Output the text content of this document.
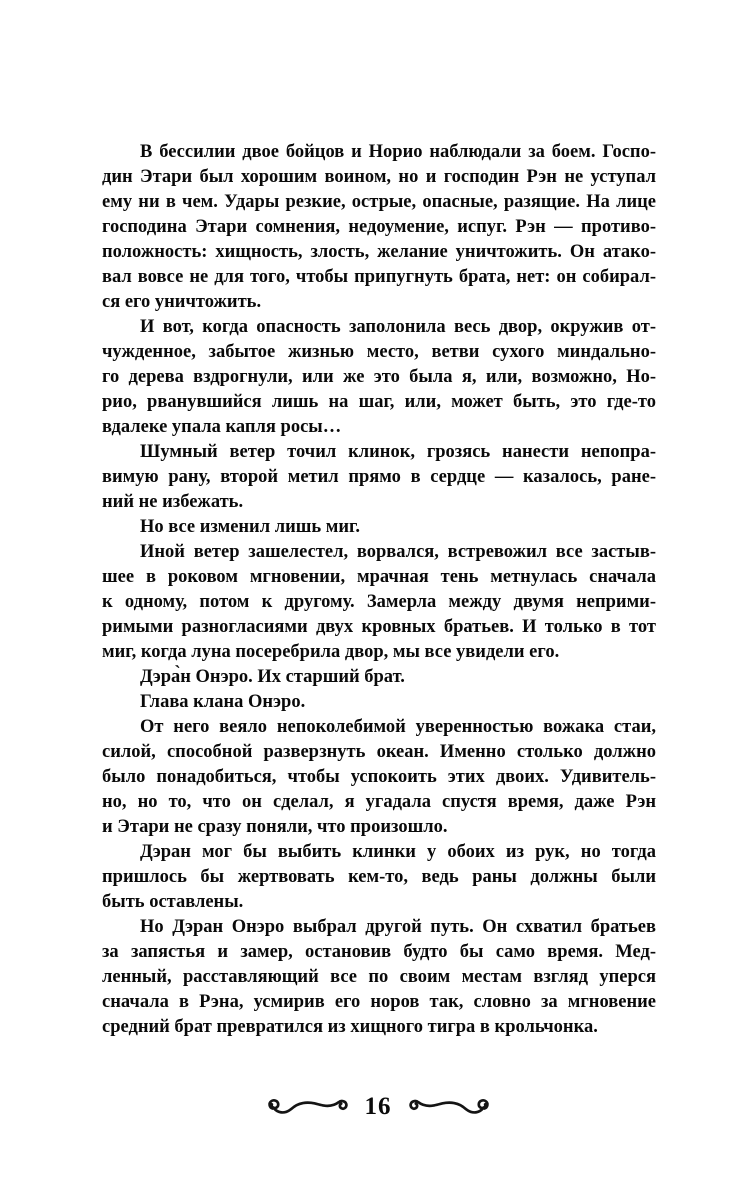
В бессилии двое бойцов и Норио наблюдали за боем. Госпо-
дин Этари был хорошим воином, но и господин Рэн не уступал
ему ни в чем. Удары резкие, острые, опасные, разящие. На лице
господина Этари сомнения, недоумение, испуг. Рэн — противо-
положность: хищность, злость, желание уничтожить. Он атако-
вал вовсе не для того, чтобы припугнуть брата, нет: он собирал-
ся его уничтожить.
И вот, когда опасность заполонила весь двор, окружив от-
чужденное, забытое жизнью место, ветви сухого миндально-
го дерева вздрогнули, или же это была я, или, возможно, Но-
рио, рванувшийся лишь на шаг, или, может быть, это где-то
вдалеке упала капля росы…
Шумный ветер точил клинок, грозясь нанести непопра-
вимую рану, второй метил прямо в сердце — казалось, ране-
ний не избежать.
Но все изменил лишь миг.
Иной ветер зашелестел, ворвался, встревожил все застыв-
шее в роковом мгновении, мрачная тень метнулась сначала
к одному, потом к другому. Замерла между двумя неприми-
римыми разногласиями двух кровных братьев. И только в тот
миг, когда луна посеребрила двор, мы все увидели его.
Дэра̀н Онэро. Их старший брат.
Глава клана Онэро.
От него веяло непоколебимой уверенностью вожака стаи,
силой, способной разверзнуть океан. Именно столько должно
было понадобиться, чтобы успокоить этих двоих. Удивитель-
но, но то, что он сделал, я угадала спустя время, даже Рэн
и Этари не сразу поняли, что произошло.
Дэран мог бы выбить клинки у обоих из рук, но тогда
пришлось бы жертвовать кем-то, ведь раны должны были
быть оставлены.
Но Дэран Онэро выбрал другой путь. Он схватил братьев
за запястья и замер, остановив будто бы само время. Мед-
ленный, расставляющий все по своим местам взгляд уперся
сначала в Рэна, усмирив его норов так, словно за мгновение
средний брат превратился из хищного тигра в крольчонка.
16
